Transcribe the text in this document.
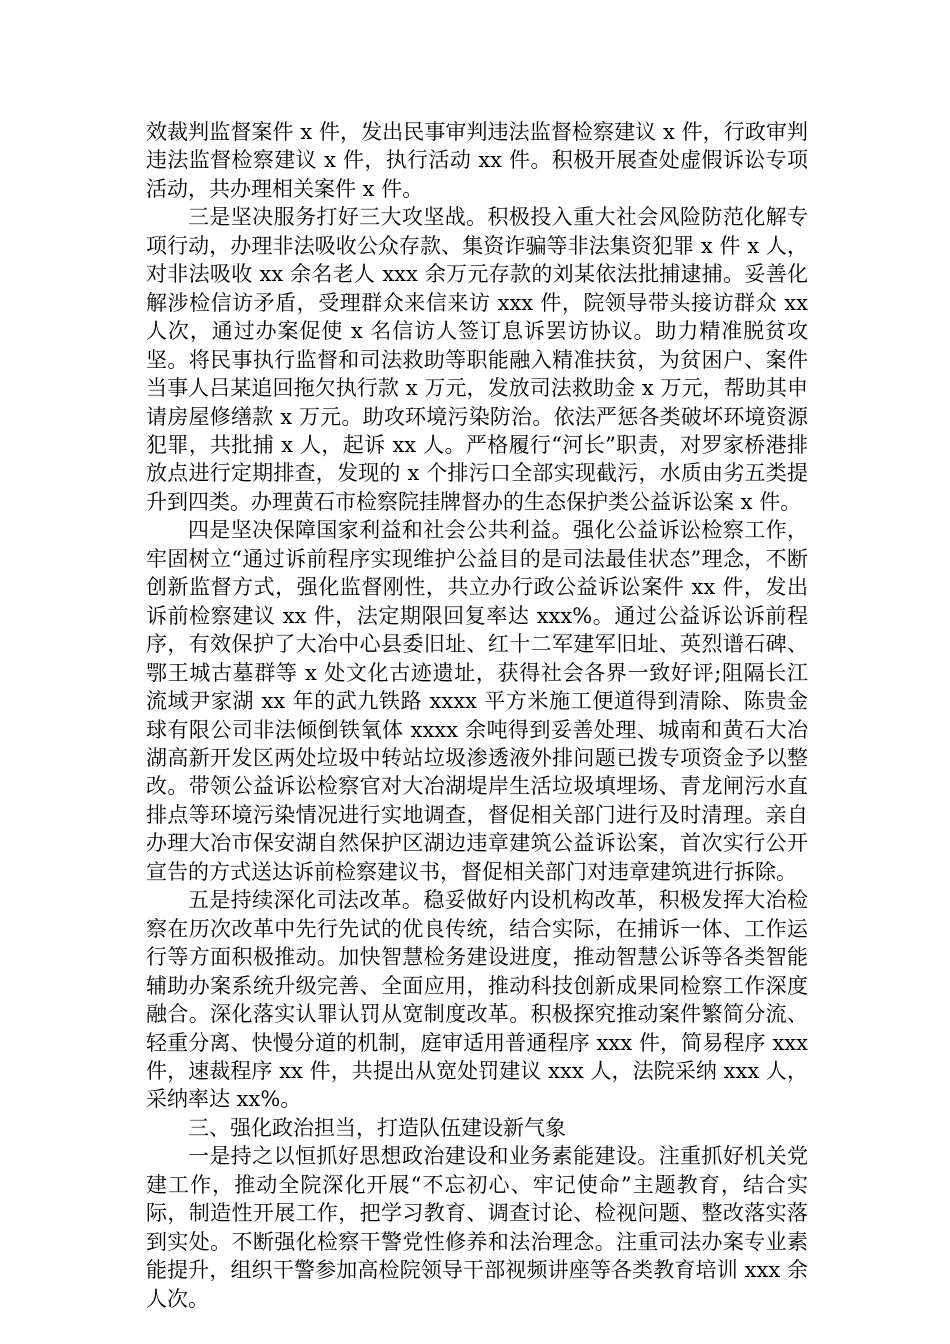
效裁判监督案件 x 件，发出民事审判违法监督检察建议 x 件，行政审判违法监督检察建议 x 件，执行活动 xx 件。积极开展查处虚假诉讼专项活动，共办理相关案件 x 件。

三是坚决服务打好三大攻坚战。积极投入重大社会风险防范化解专项行动，办理非法吸收公众存款、集资诈骗等非法集资犯罪 x 件 x 人，对非法吸收 xx 余名老人 xxx 余万元存款的刘某依法批捕逮捕。妥善化解涉检信访矛盾，受理群众来信来访 xxx 件，院领导带头接访群众 xx 人次，通过办案促使 x 名信访人签订息诉罢访协议。助力精准脱贫攻坚。将民事执行监督和司法救助等职能融入精准扶贫，为贫困户、案件当事人吕某追回拖欠执行款 x 万元，发放司法救助金 x 万元，帮助其申请房屋修缮款 x 万元。助攻环境污染防治。依法严惩各类破坏环境资源犯罪，共批捕 x 人，起诉 xx 人。严格履行“河长”职责，对罗家桥港排放点进行定期排查，发现的 x 个排污口全部实现截污，水质由劣五类提升到四类。办理黄石市检察院挂牌督办的生态保护类公益诉讼案 x 件。

四是坚决保障国家利益和社会公共利益。强化公益诉讼检察工作，牢固树立“通过诉前程序实现维护公益目的是司法最佳状态”理念，不断创新监督方式，强化监督刚性，共立办行政公益诉讼案件 xx 件，发出诉前检察建议 xx 件，法定期限回复率达 xxx%。通过公益诉讼诉前程序，有效保护了大冶中心县委旧址、红十二军建军旧址、英烈谱石碑、鄂王城古墓群等 x 处文化古迹遗址，获得社会各界一致好评;阻隔长江流域尹家湖 xx 年的武九铁路 xxxx 平方米施工便道得到清除、陈贵金球有限公司非法倾倒铁氧体 xxxx 余吨得到妥善处理、城南和黄石大冶湖高新开发区两处垃圾中转站垃圾渗透液外排问题已拨专项资金予以整改。带领公益诉讼检察官对大冶湖堤岸生活垃圾填埋场、青龙闸污水直排点等环境污染情况进行实地调查，督促相关部门进行及时清理。亲自办理大冶市保安湖自然保护区湖边违章建筑公益诉讼案，首次实行公开宣告的方式送达诉前检察建议书，督促相关部门对违章建筑进行拆除。

五是持续深化司法改革。稳妥做好内设机构改革，积极发挥大冶检察在历次改革中先行先试的优良传统，结合实际，在捕诉一体、工作运行等方面积极推动。加快智慧检务建设进度，推动智慧公诉等各类智能辅助办案系统升级完善、全面应用，推动科技创新成果同检察工作深度融合。深化落实认罪认罚从宽制度改革。积极探究推动案件繁简分流、轻重分离、快慢分道的机制，庭审适用普通程序 xxx 件，简易程序 xxx 件，速裁程序 xx 件，共提出从宽处罚建议 xxx 人，法院采纳 xxx 人，采纳率达 xx%。

三、强化政治担当，打造队伍建设新气象

一是持之以恒抓好思想政治建设和业务素能建设。注重抓好机关党建工作，推动全院深化开展“不忘初心、牢记使命”主题教育，结合实际，制造性开展工作，把学习教育、调查讨论、检视问题、整改落实落到实处。不断强化检察干警党性修养和法治理念。注重司法办案专业素能提升，组织干警参加高检院领导干部视频讲座等各类教育培训 xxx 余人次。
